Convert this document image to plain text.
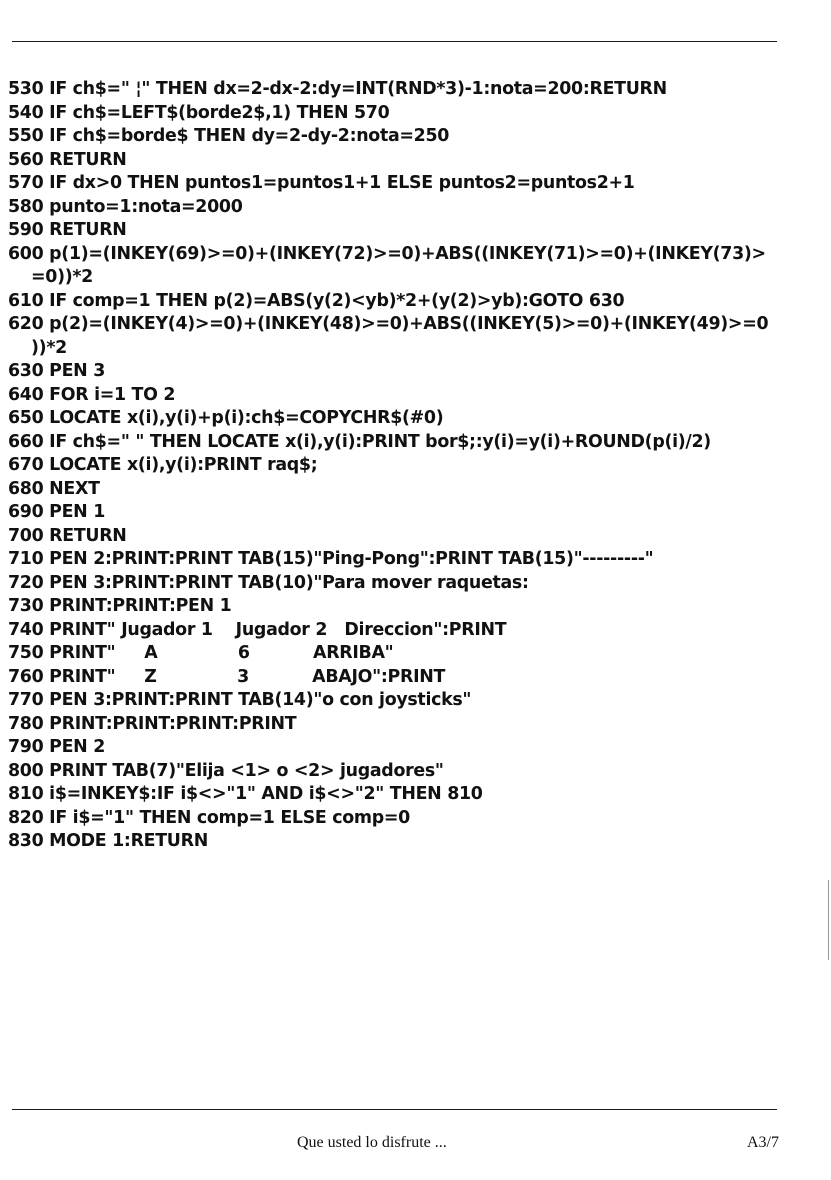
530 IF ch$=" ¦" THEN dx=2-dx-2:dy=INT(RND*3)-1:nota=200:RETURN
540 IF ch$=LEFT$(borde2$,1) THEN 570
550 IF ch$=borde$ THEN dy=2-dy-2:nota=250
560 RETURN
570 IF dx>0 THEN puntos1=puntos1+1 ELSE puntos2=puntos2+1
580 punto=1:nota=2000
590 RETURN
600 p(1)=(INKEY(69)>=0)+(INKEY(72)>=0)+ABS((INKEY(71)>=0)+(INKEY(73)>
=0))*2
610 IF comp=1 THEN p(2)=ABS(y(2)<yb)*2+(y(2)>yb):GOTO 630
620 p(2)=(INKEY(4)>=0)+(INKEY(48)>=0)+ABS((INKEY(5)>=0)+(INKEY(49)>=0
))*2
630 PEN 3
640 FOR i=1 TO 2
650 LOCATE x(i),y(i)+p(i):ch$=COPYCHR$(#0)
660 IF ch$=" " THEN LOCATE x(i),y(i):PRINT bor$;:y(i)=y(i)+ROUND(p(i)/2)
670 LOCATE x(i),y(i):PRINT raq$;
680 NEXT
690 PEN 1
700 RETURN
710 PEN 2:PRINT:PRINT TAB(15)"Ping-Pong":PRINT TAB(15)"---------"
720 PEN 3:PRINT:PRINT TAB(10)"Para mover raquetas:
730 PRINT:PRINT:PEN 1
740 PRINT" Jugador 1    Jugador 2   Direccion":PRINT
750 PRINT"     A              6           ARRIBA"
760 PRINT"     Z              3           ABAJO":PRINT
770 PEN 3:PRINT:PRINT TAB(14)"o con joysticks"
780 PRINT:PRINT:PRINT:PRINT
790 PEN 2
800 PRINT TAB(7)"Elija <1> o <2> jugadores"
810 i$=INKEY$:IF i$<>"1" AND i$<>"2" THEN 810
820 IF i$="1" THEN comp=1 ELSE comp=0
830 MODE 1:RETURN
Que usted lo disfrute ...	A3/7
